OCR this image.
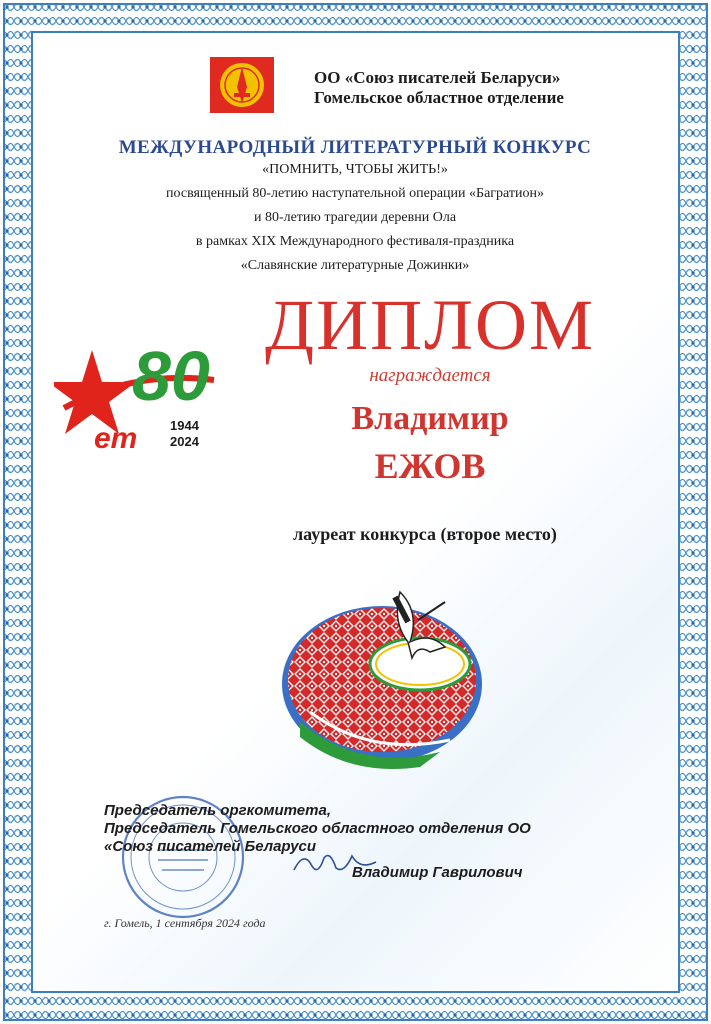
ОО «Союз писателей Беларуси»
Гомельское областное отделение
МЕЖДУНАРОДНЫЙ ЛИТЕРАТУРНЫЙ КОНКУРС
«ПОМНИТЬ, ЧТОБЫ ЖИТЬ!»
посвященный 80-летию наступательной операции «Багратион»
и 80-летию трагедии деревни Ола
в рамках XIX Международного фестиваля-праздника
«Славянские литературные Дожинки»
80
ет	1944
2024
ДИПЛОМ
награждается
Владимир
ЕЖОВ
лауреат конкурса (второе место)
Председатель оргкомитета,
Председатель Гомельского областного отделения ОО
«Союз писателей Беларуси
Владимир Гаврилович
г. Гомель, 1 сентября 2024 года
